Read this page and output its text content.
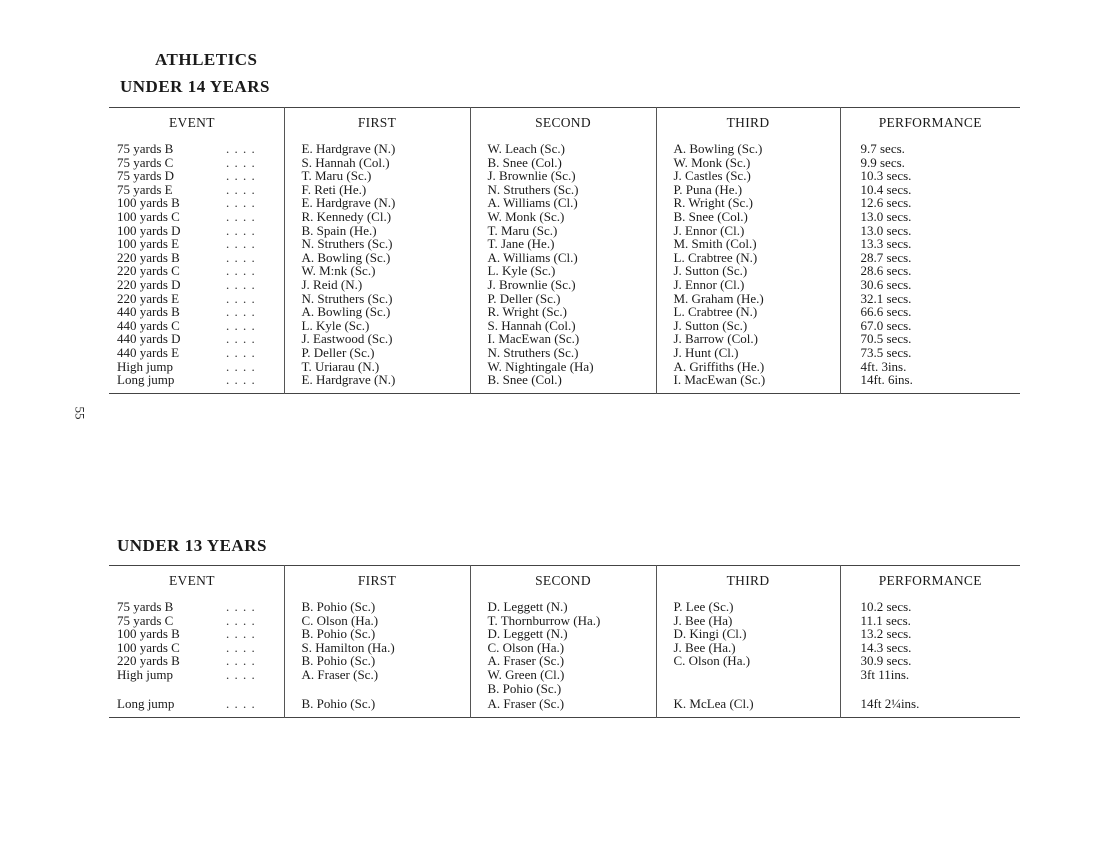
ATHLETICS
UNDER 14 YEARS
55
EVENT	FIRST	SECOND	THIRD	PERFORMANCE
75 yards B . . . .	E. Hardgrave (N.)	W. Leach (Sc.)	A. Bowling (Sc.)	9.7 secs.
75 yards C . . . .	S. Hannah (Col.)	B. Snee (Col.)	W. Monk (Sc.)	9.9 secs.
75 yards D . . . .	T. Maru (Sc.)	J. Brownlie (Sc.)	J. Castles (Sc.)	10.3 secs.
75 yards E . . . .	F. Reti (He.)	N. Struthers (Sc.)	P. Puna (He.)	10.4 secs.
100 yards B . . . .	E. Hardgrave (N.)	A. Williams (Cl.)	R. Wright (Sc.)	12.6 secs.
100 yards C . . . .	R. Kennedy (Cl.)	W. Monk (Sc.)	B. Snee (Col.)	13.0 secs.
100 yards D . . . .	B. Spain (He.)	T. Maru (Sc.)	J. Ennor (Cl.)	13.0 secs.
100 yards E . . . .	N. Struthers (Sc.)	T. Jane (He.)	M. Smith (Col.)	13.3 secs.
220 yards B . . . .	A. Bowling (Sc.)	A. Williams (Cl.)	L. Crabtree (N.)	28.7 secs.
220 yards C . . . .	W. M:nk (Sc.)	L. Kyle (Sc.)	J. Sutton (Sc.)	28.6 secs.
220 yards D . . . .	J. Reid (N.)	J. Brownlie (Sc.)	J. Ennor (Cl.)	30.6 secs.
220 yards E . . . .	N. Struthers (Sc.)	P. Deller (Sc.)	M. Graham (He.)	32.1 secs.
440 yards B . . . .	A. Bowling (Sc.)	R. Wright (Sc.)	L. Crabtree (N.)	66.6 secs.
440 yards C . . . .	L. Kyle (Sc.)	S. Hannah (Col.)	J. Sutton (Sc.)	67.0 secs.
440 yards D . . . .	J. Eastwood (Sc.)	I. MacEwan (Sc.)	J. Barrow (Col.)	70.5 secs.
440 yards E . . . .	P. Deller (Sc.)	N. Struthers (Sc.)	J. Hunt (Cl.)	73.5 secs.
High jump . . . .	T. Uriarau (N.)	W. Nightingale (Ha)	A. Griffiths (He.)	4ft. 3ins.
Long jump . . . .	E. Hardgrave (N.)	B. Snee (Col.)	I. MacEwan (Sc.)	14ft. 6ins.
UNDER 13 YEARS
EVENT	FIRST	SECOND	THIRD	PERFORMANCE
75 yards B . . . .	B. Pohio (Sc.)	D. Leggett (N.)	P. Lee (Sc.)	10.2 secs.
75 yards C . . . .	C. Olson (Ha.)	T. Thornburrow (Ha.)	J. Bee (Ha)	11.1 secs.
100 yards B . . . .	B. Pohio (Sc.)	D. Leggett (N.)	D. Kingi (Cl.)	13.2 secs.
100 yards C . . . .	S. Hamilton (Ha.)	C. Olson (Ha.)	J. Bee (Ha.)	14.3 secs.
220 yards B . . . .	B. Pohio (Sc.)	A. Fraser (Sc.)	C. Olson (Ha.)	30.9 secs.
High jump . . . .	A. Fraser (Sc.)	W. Green (Cl.)		3ft 11ins.
		B. Pohio (Sc.)		
Long jump . . . .	B. Pohio (Sc.)	A. Fraser (Sc.)	K. McLea (Cl.)	14ft 2¼ins.
